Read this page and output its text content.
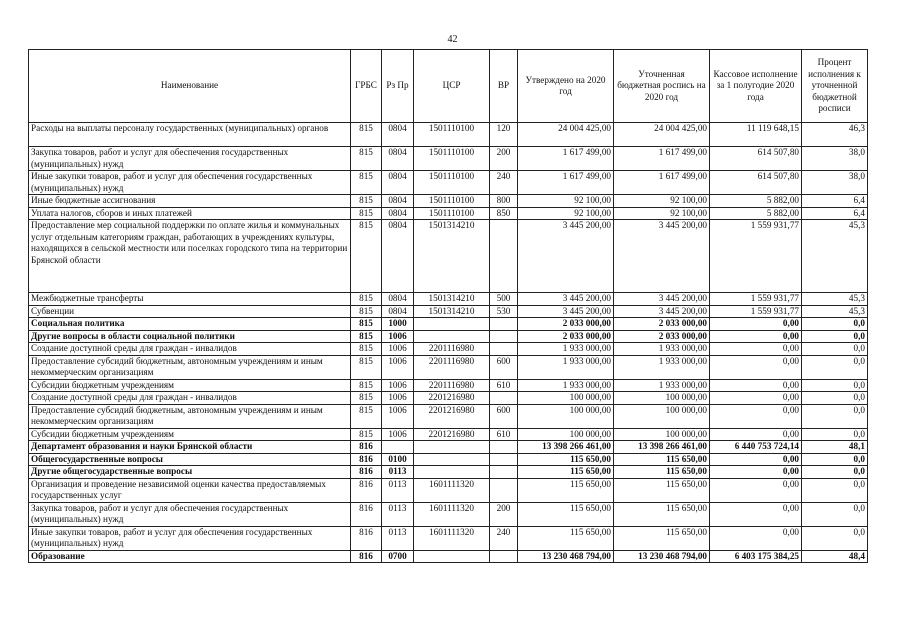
42
Наименование	ГРБС	Рз Пр	ЦСР	ВР	Утверждено на 2020 год	Уточненная бюджетная роспись на 2020 год	Кассовое исполнение за 1 полугодие 2020 года	Процент исполнения к уточненной бюджетной росписи
Расходы на выплаты персоналу государственных (муниципальных) органов	815	0804	1501110100	120	24 004 425,00	24 004 425,00	11 119 648,15	46,3
Закупка товаров, работ и услуг для обеспечения государственных (муниципальных) нужд	815	0804	1501110100	200	1 617 499,00	1 617 499,00	614 507,80	38,0
Иные закупки товаров, работ и услуг для обеспечения государственных (муниципальных) нужд	815	0804	1501110100	240	1 617 499,00	1 617 499,00	614 507,80	38,0
Иные бюджетные ассигнования	815	0804	1501110100	800	92 100,00	92 100,00	5 882,00	6,4
Уплата налогов, сборов и иных платежей	815	0804	1501110100	850	92 100,00	92 100,00	5 882,00	6,4
Предоставление мер социальной поддержки по оплате жилья и коммунальных услуг отдельным категориям граждан, работающих в учреждениях культуры, находящихся в сельской местности или поселках городского типа на территории Брянской области	815	0804	1501314210		3 445 200,00	3 445 200,00	1 559 931,77	45,3
Межбюджетные трансферты	815	0804	1501314210	500	3 445 200,00	3 445 200,00	1 559 931,77	45,3
Субвенции	815	0804	1501314210	530	3 445 200,00	3 445 200,00	1 559 931,77	45,3
Социальная политика	815	1000			2 033 000,00	2 033 000,00	0,00	0,0
Другие вопросы в области социальной политики	815	1006			2 033 000,00	2 033 000,00	0,00	0,0
Создание доступной среды для граждан - инвалидов	815	1006	2201116980		1 933 000,00	1 933 000,00	0,00	0,0
Предоставление субсидий бюджетным, автономным учреждениям и иным некоммерческим организациям	815	1006	2201116980	600	1 933 000,00	1 933 000,00	0,00	0,0
Субсидии бюджетным учреждениям	815	1006	2201116980	610	1 933 000,00	1 933 000,00	0,00	0,0
Создание доступной среды для граждан - инвалидов	815	1006	2201216980		100 000,00	100 000,00	0,00	0,0
Предоставление субсидий бюджетным, автономным учреждениям и иным некоммерческим организациям	815	1006	2201216980	600	100 000,00	100 000,00	0,00	0,0
Субсидии бюджетным учреждениям	815	1006	2201216980	610	100 000,00	100 000,00	0,00	0,0
Департамент образования и науки Брянской области	816				13 398 266 461,00	13 398 266 461,00	6 440 753 724,14	48,1
Общегосударственные вопросы	816	0100			115 650,00	115 650,00	0,00	0,0
Другие общегосударственные вопросы	816	0113			115 650,00	115 650,00	0,00	0,0
Организация и проведение независимой оценки качества предоставляемых государственных услуг	816	0113	1601111320		115 650,00	115 650,00	0,00	0,0
Закупка товаров, работ и услуг для обеспечения государственных (муниципальных) нужд	816	0113	1601111320	200	115 650,00	115 650,00	0,00	0,0
Иные закупки товаров, работ и услуг для обеспечения государственных (муниципальных) нужд	816	0113	1601111320	240	115 650,00	115 650,00	0,00	0,0
Образование	816	0700			13 230 468 794,00	13 230 468 794,00	6 403 175 384,25	48,4
